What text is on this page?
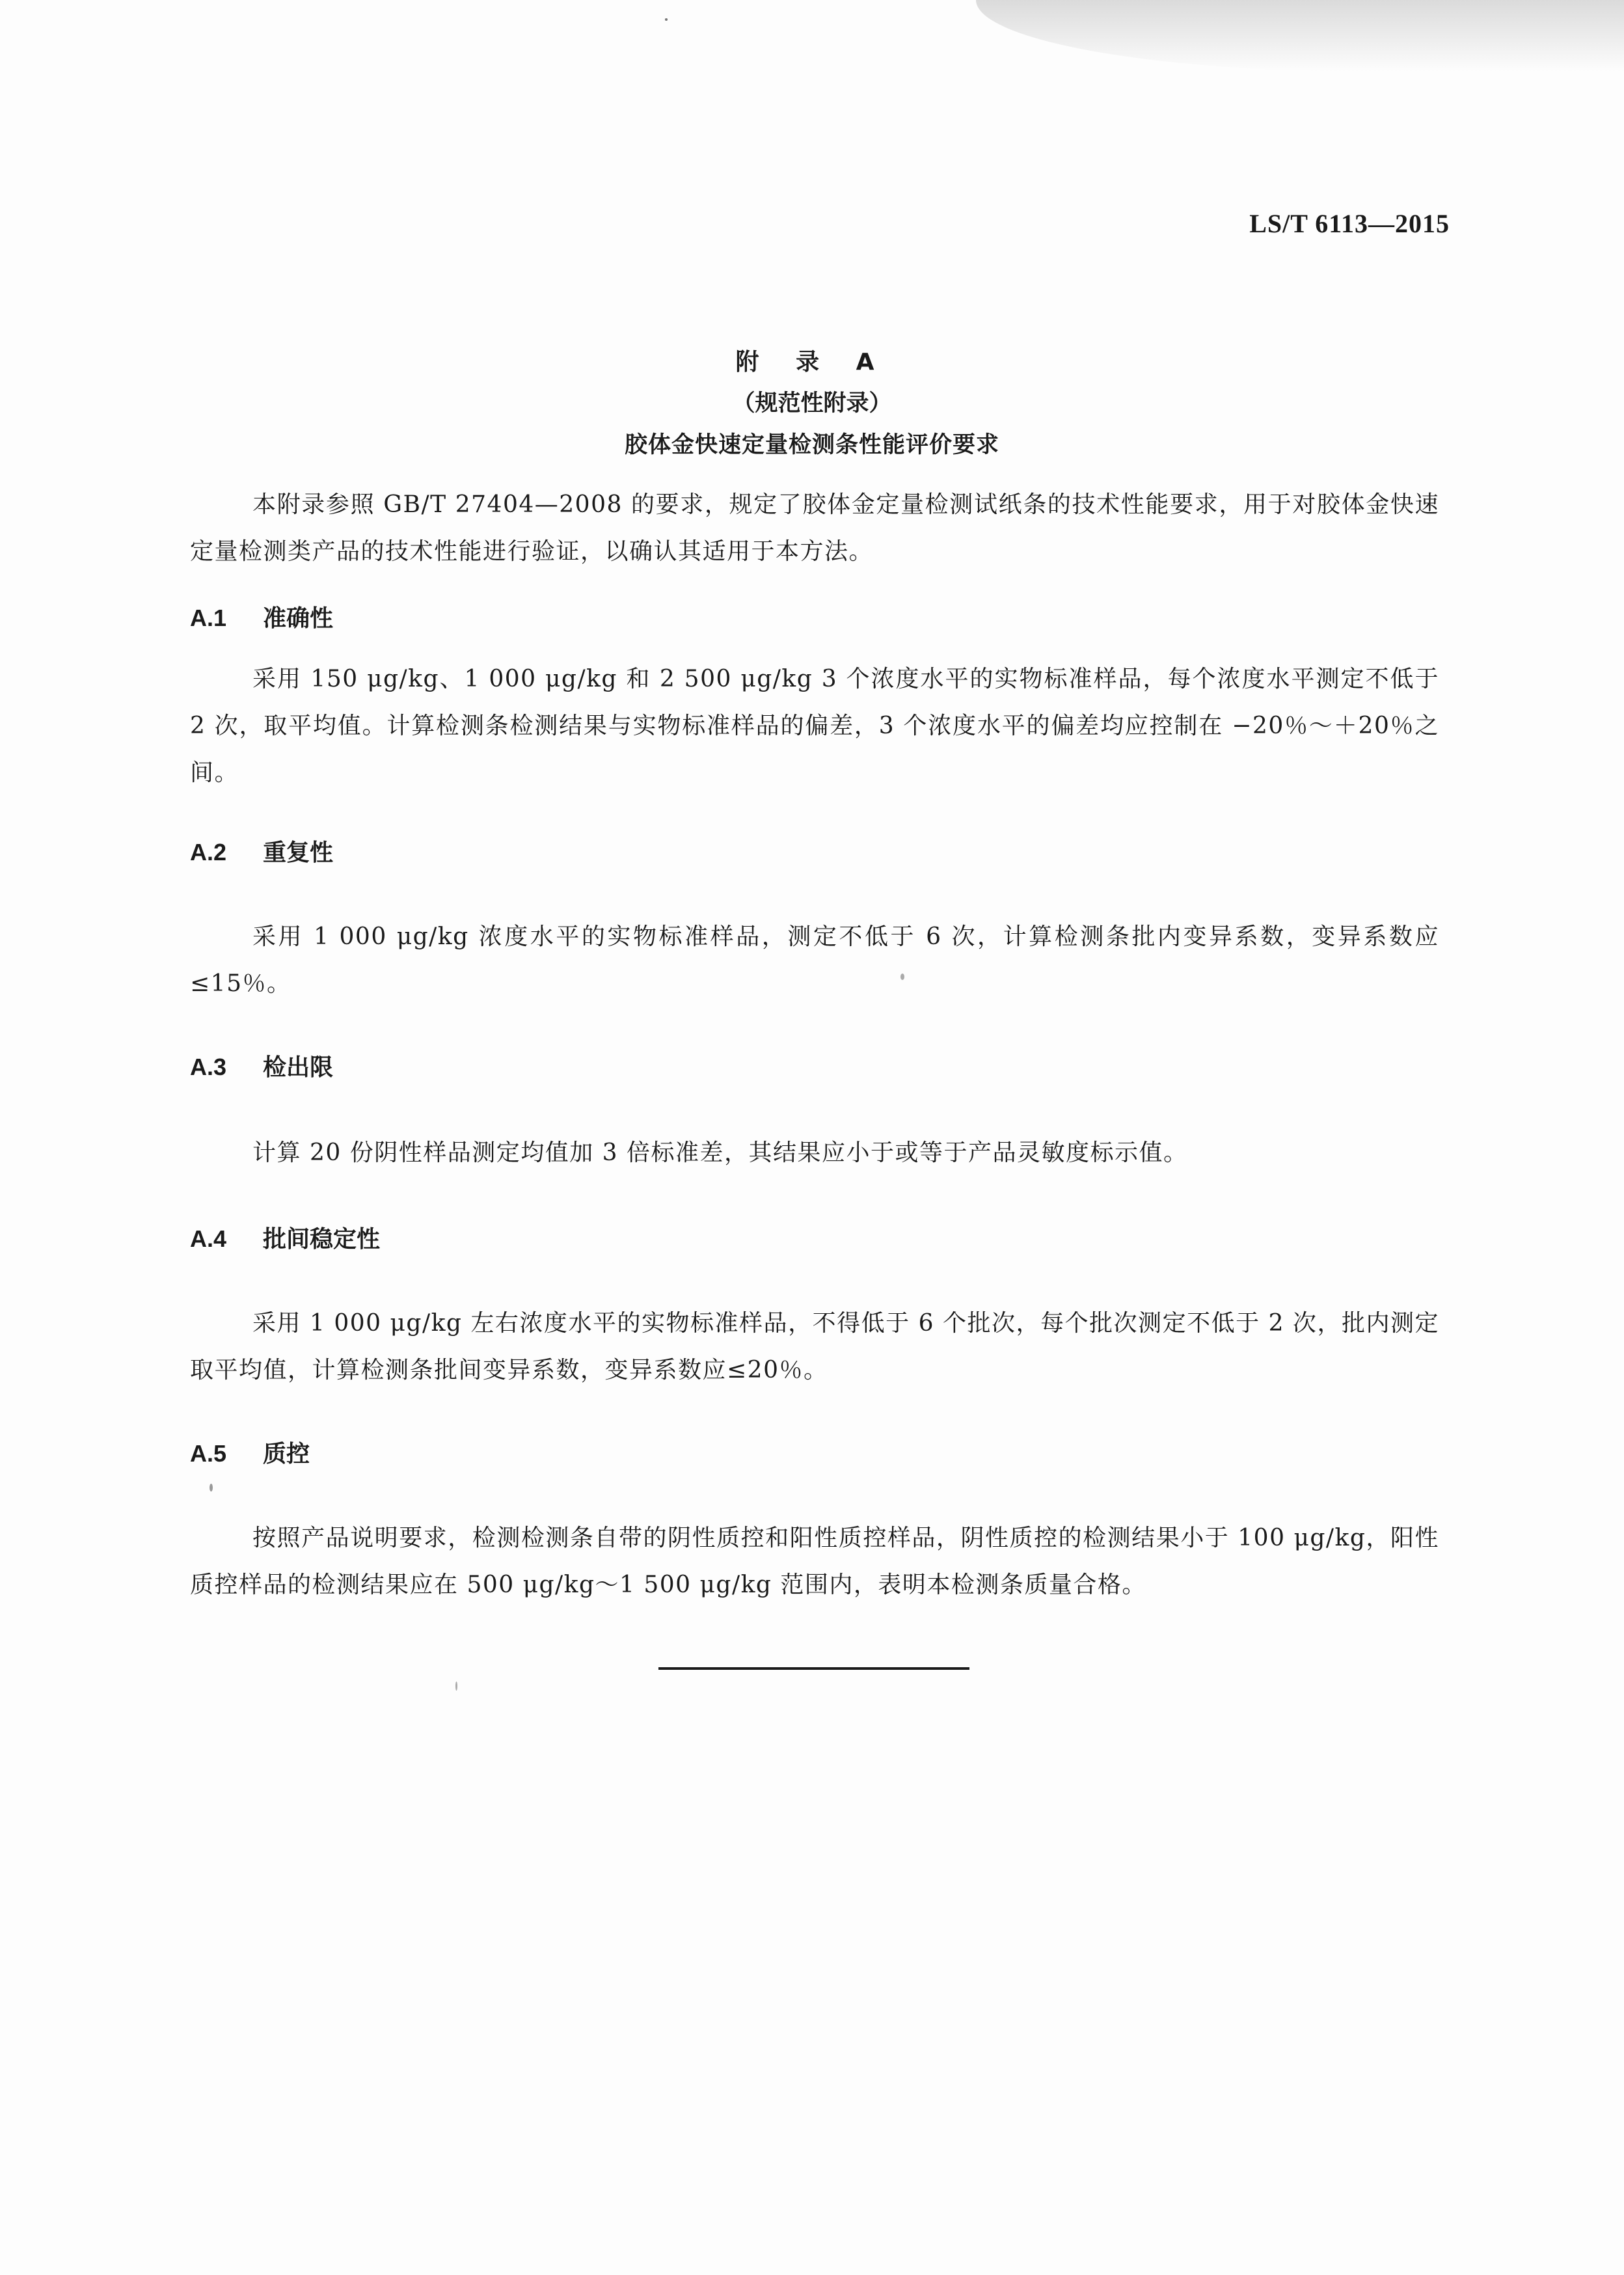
LS/T 6113—2015
附 录 A
（规范性附录）
胶体金快速定量检测条性能评价要求

本附录参照 GB/T 27404—2008 的要求，规定了胶体金定量检测试纸条的技术性能要求，用于对胶体金快速定量检测类产品的技术性能进行验证，以确认其适用于本方法。

A.1 准确性

采用 150 μg/kg、1 000 μg/kg 和 2 500 μg/kg 3 个浓度水平的实物标准样品，每个浓度水平测定不低于 2 次，取平均值。计算检测条检测结果与实物标准样品的偏差，3 个浓度水平的偏差均应控制在 −20％～＋20％之间。

A.2 重复性

采用 1 000 μg/kg 浓度水平的实物标准样品，测定不低于 6 次，计算检测条批内变异系数，变异系数应≤15％。

A.3 检出限

计算 20 份阴性样品测定均值加 3 倍标准差，其结果应小于或等于产品灵敏度标示值。

A.4 批间稳定性

采用 1 000 μg/kg 左右浓度水平的实物标准样品，不得低于 6 个批次，每个批次测定不低于 2 次，批内测定取平均值，计算检测条批间变异系数，变异系数应≤20％。

A.5 质控

按照产品说明要求，检测检测条自带的阴性质控和阳性质控样品，阴性质控的检测结果小于 100 μg/kg，阳性质控样品的检测结果应在 500 μg/kg～1 500 μg/kg 范围内，表明本检测条质量合格。
